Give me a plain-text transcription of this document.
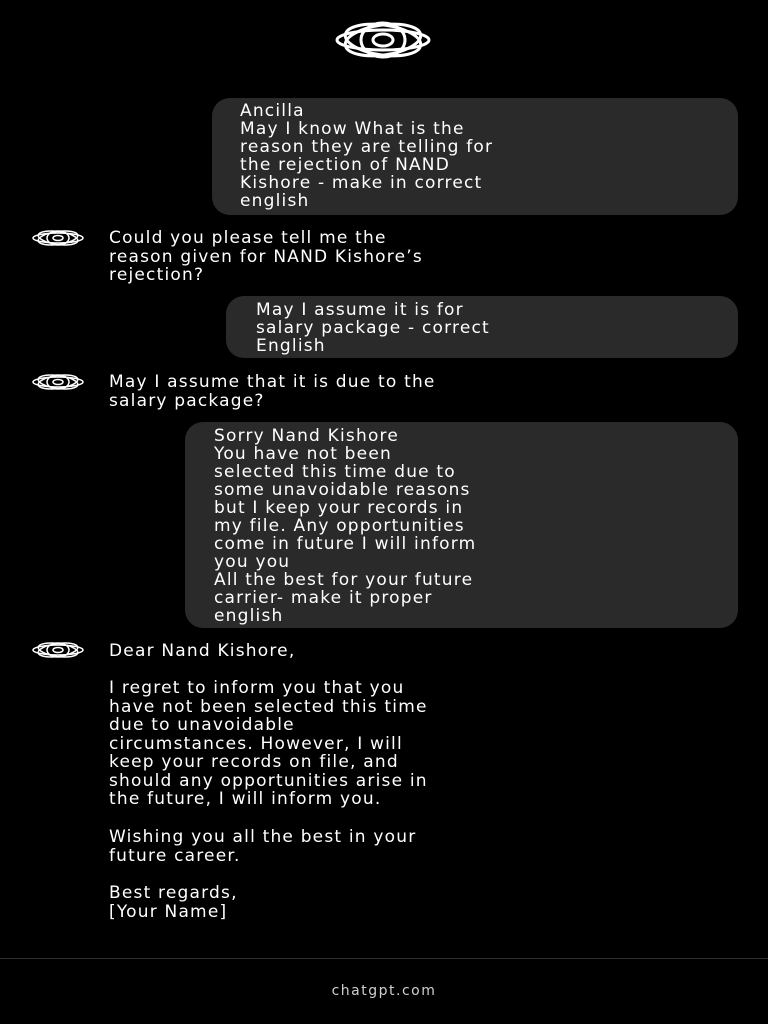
Ancilla
May I know What is the
reason they are telling for
the rejection of NAND
Kishore - make in correct
english
Could you please tell me the
reason given for NAND Kishore’s
rejection?
May I assume it is for
salary package - correct
English
May I assume that it is due to the
salary package?
Sorry Nand Kishore
You have not been
selected this time due to
some unavoidable reasons
but I keep your records in
my file. Any opportunities
come in future I will inform
you you
All the best for your future
carrier- make it proper
english
Dear Nand Kishore,
I regret to inform you that you
have not been selected this time
due to unavoidable
circumstances. However, I will
keep your records on file, and
should any opportunities arise in
the future, I will inform you.
Wishing you all the best in your
future career.
Best regards,
[Your Name]
chatgpt.com
